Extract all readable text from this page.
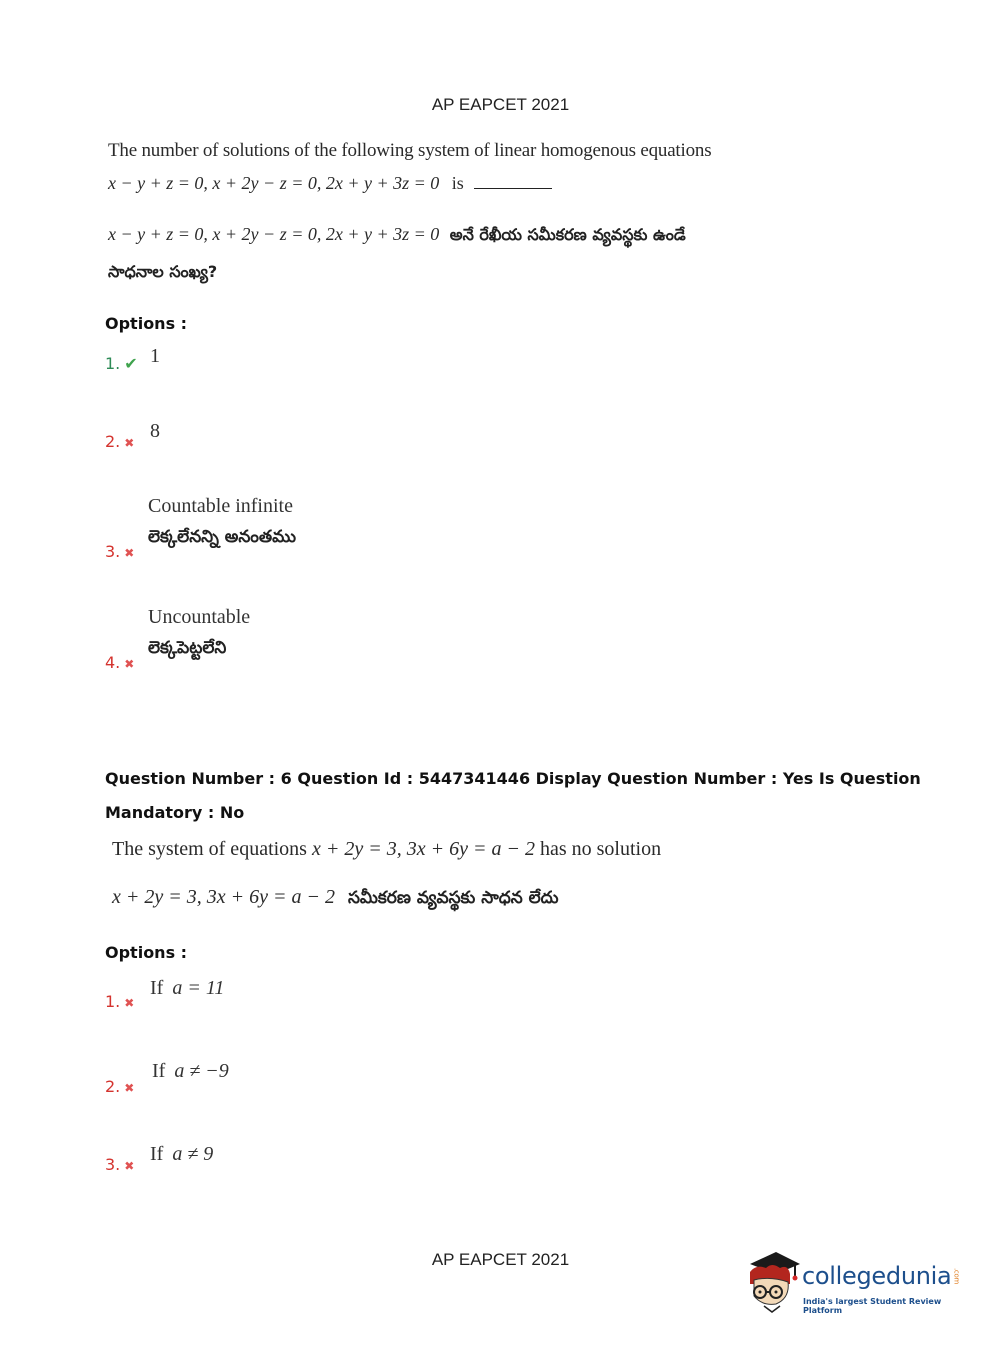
AP EAPCET 2021
The number of solutions of the following system of linear homogenous equations
x − y + z = 0, x + 2y − z = 0, 2x + y + 3z = 0 is
x − y + z = 0, x + 2y − z = 0, 2x + y + 3z = 0 అనే రేఖీయ సమీకరణ వ్యవస్థకు ఉండే
సాధనాల సంఖ్య?
Options :
1. ✔ 1
2. ✖
8
3. ✖
Countable infinite
లెక్కలేనన్ని అనంతము
4. ✖
Uncountable
లెక్కపెట్టలేని
Question Number : 6 Question Id : 5447341446 Display Question Number : Yes Is Question
Mandatory : No
The system of equations x + 2y = 3, 3x + 6y = a − 2 has no solution
x + 2y = 3, 3x + 6y = a − 2 సమీకరణ వ్యవస్థకు సాధన లేదు
Options :
1. ✖
If a = 11
2. ✖
If a ≠ −9
3. ✖
If a ≠ 9
AP EAPCET 2021
collegedunia.com
India's largest Student Review Platform
